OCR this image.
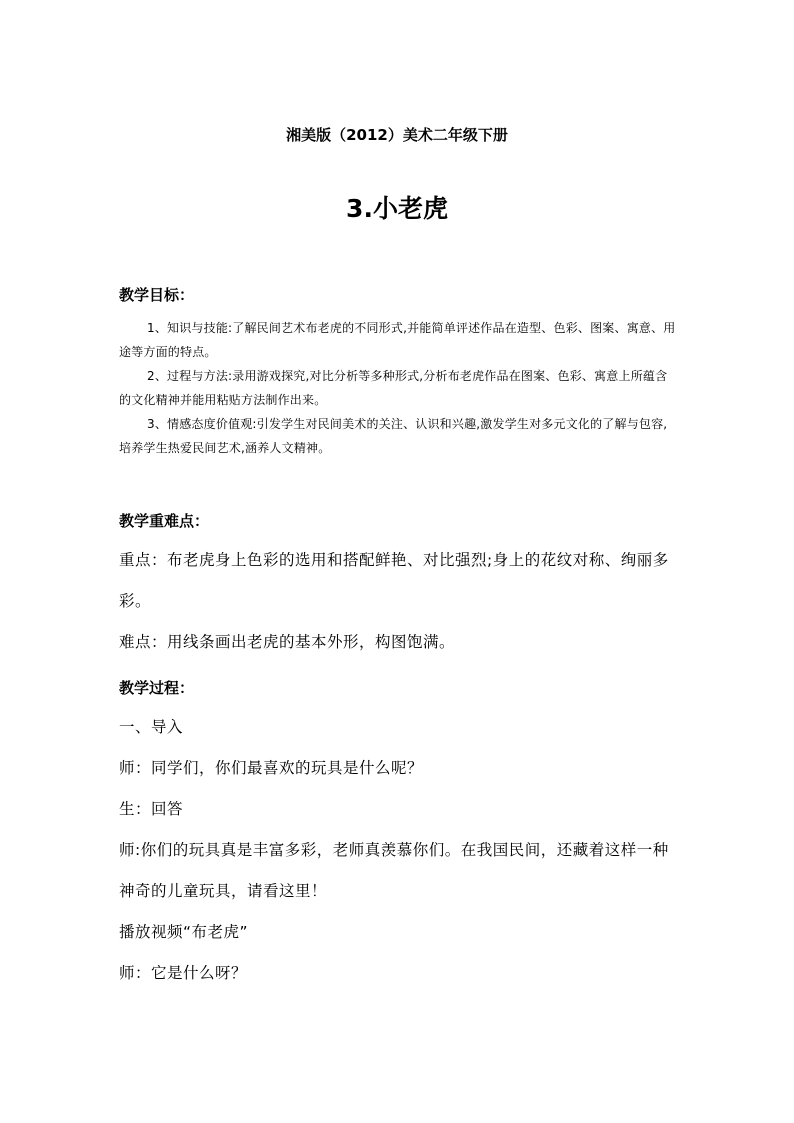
湘美版（2012）美术二年级下册
3.小老虎
教学目标：

1、知识与技能:了解民间艺术布老虎的不同形式,并能简单评述作品在造型、色彩、图案、寓意、用途等方面的特点。

2、过程与方法:录用游戏探究,对比分析等多种形式,分析布老虎作品在图案、色彩、寓意上所蕴含的文化精神并能用粘贴方法制作出来。

3、情感态度价值观:引发学生对民间美术的关注、认识和兴趣,激发学生对多元文化的了解与包容,培养学生热爱民间艺术,涵养人文精神。

教学重难点：

重点：布老虎身上色彩的选用和搭配鲜艳、对比强烈;身上的花纹对称、绚丽多彩。

难点：用线条画出老虎的基本外形，构图饱满。

教学过程：

一、导入

师：同学们，你们最喜欢的玩具是什么呢？

生：回答

师:你们的玩具真是丰富多彩，老师真羡慕你们。在我国民间，还藏着这样一种神奇的儿童玩具，请看这里！

播放视频“布老虎”

师：它是什么呀？
